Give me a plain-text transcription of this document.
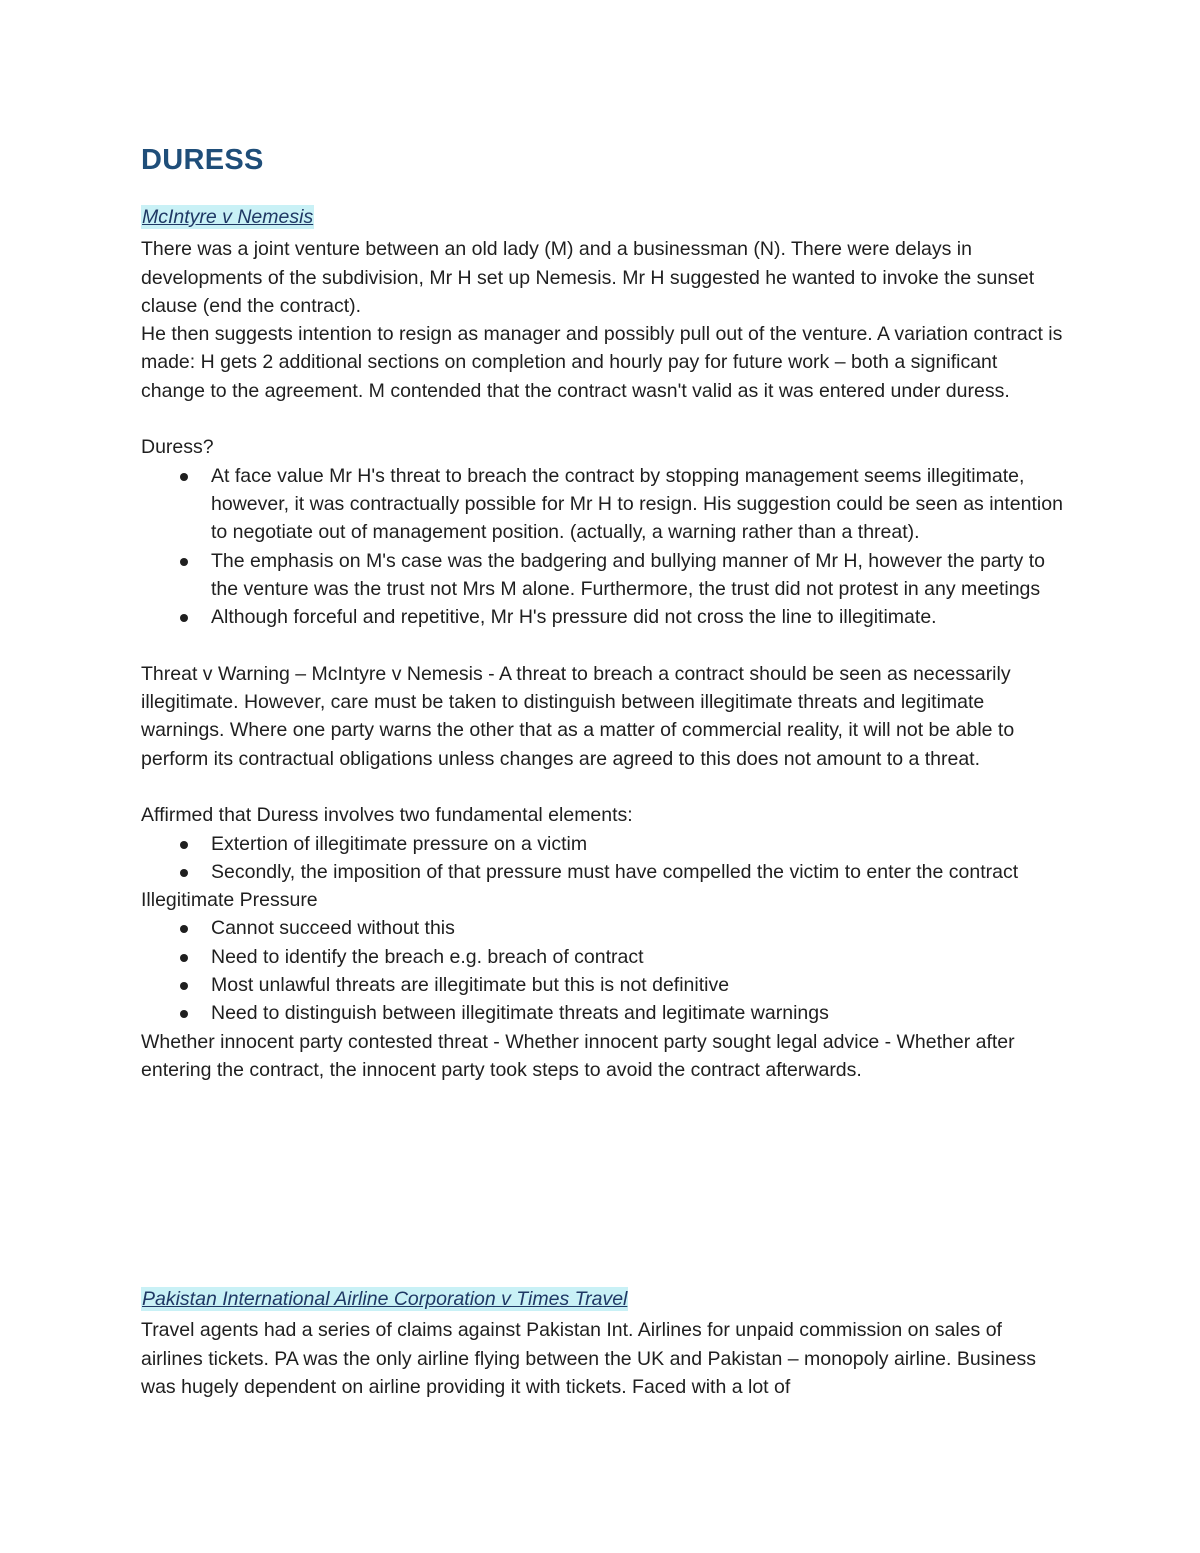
DURESS

McIntyre v Nemesis

There was a joint venture between an old lady (M) and a businessman (N). There were delays in developments of the subdivision, Mr H set up Nemesis. Mr H suggested he wanted to invoke the sunset clause (end the contract).

He then suggests intention to resign as manager and possibly pull out of the venture. A variation contract is made: H gets 2 additional sections on completion and hourly pay for future work – both a significant change to the agreement. M contended that the contract wasn't valid as it was entered under duress.

Duress?

At face value Mr H's threat to breach the contract by stopping management seems illegitimate, however, it was contractually possible for Mr H to resign. His suggestion could be seen as intention to negotiate out of management position. (actually, a warning rather than a threat).
The emphasis on M's case was the badgering and bullying manner of Mr H, however the party to the venture was the trust not Mrs M alone. Furthermore, the trust did not protest in any meetings
Although forceful and repetitive, Mr H's pressure did not cross the line to illegitimate.

Threat v Warning – McIntyre v Nemesis - A threat to breach a contract should be seen as necessarily illegitimate. However, care must be taken to distinguish between illegitimate threats and legitimate warnings. Where one party warns the other that as a matter of commercial reality, it will not be able to perform its contractual obligations unless changes are agreed to this does not amount to a threat.

Affirmed that Duress involves two fundamental elements:

Extertion of illegitimate pressure on a victim
Secondly, the imposition of that pressure must have compelled the victim to enter the contract

Illegitimate Pressure

Cannot succeed without this
Need to identify the breach e.g. breach of contract
Most unlawful threats are illegitimate but this is not definitive
Need to distinguish between illegitimate threats and legitimate warnings

Whether innocent party contested threat - Whether innocent party sought legal advice - Whether after entering the contract, the innocent party took steps to avoid the contract afterwards.

Pakistan International Airline Corporation v Times Travel

Travel agents had a series of claims against Pakistan Int. Airlines for unpaid commission on sales of airlines tickets. PA was the only airline flying between the UK and Pakistan – monopoly airline. Business was hugely dependent on airline providing it with tickets. Faced with a lot of
